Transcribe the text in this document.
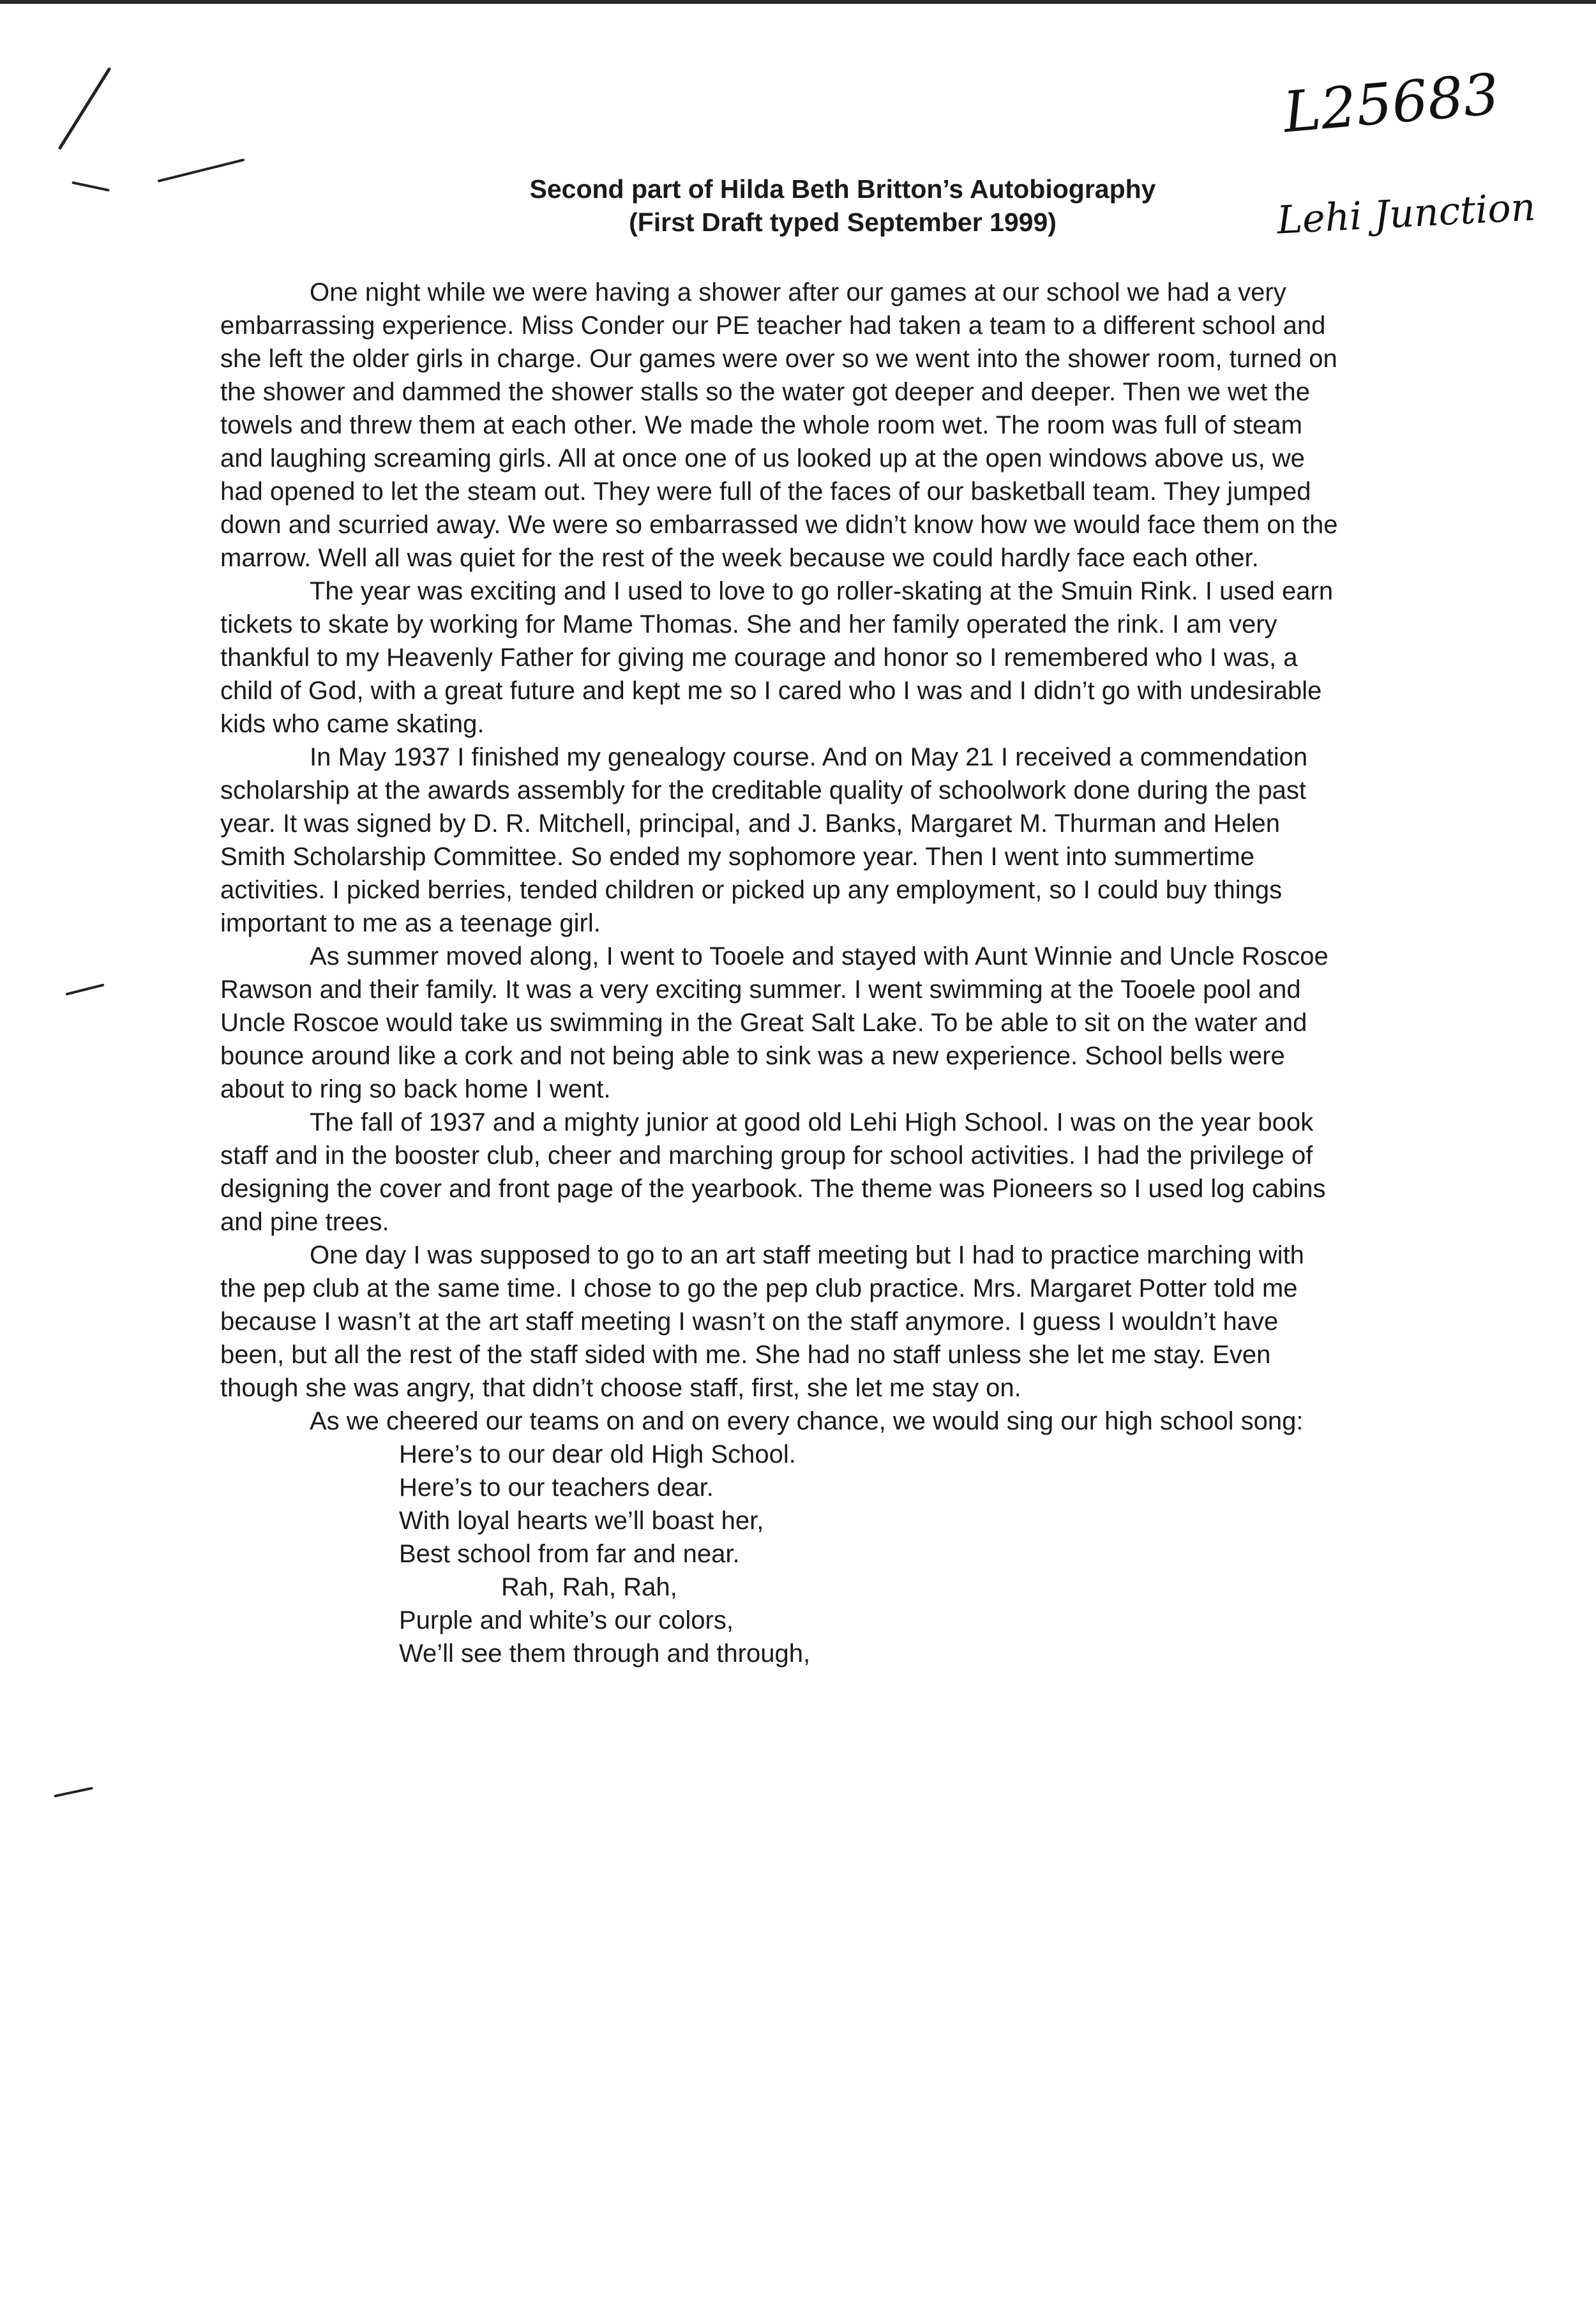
L25683
Lehi Junction
Second part of Hilda Beth Britton’s Autobiography
(First Draft typed September 1999)

One night while we were having a shower after our games at our school we had a very embarrassing experience. Miss Conder our PE teacher had taken a team to a different school and she left the older girls in charge. Our games were over so we went into the shower room, turned on the shower and dammed the shower stalls so the water got deeper and deeper. Then we wet the towels and threw them at each other. We made the whole room wet. The room was full of steam and laughing screaming girls. All at once one of us looked up at the open windows above us, we had opened to let the steam out. They were full of the faces of our basketball team. They jumped down and scurried away. We were so embarrassed we didn’t know how we would face them on the marrow. Well all was quiet for the rest of the week because we could hardly face each other.

The year was exciting and I used to love to go roller-skating at the Smuin Rink. I used earn tickets to skate by working for Mame Thomas. She and her family operated the rink. I am very thankful to my Heavenly Father for giving me courage and honor so I remembered who I was, a child of God, with a great future and kept me so I cared who I was and I didn’t go with undesirable kids who came skating.

In May 1937 I finished my genealogy course. And on May 21 I received a commendation scholarship at the awards assembly for the creditable quality of schoolwork done during the past year. It was signed by D. R. Mitchell, principal, and J. Banks, Margaret M. Thurman and Helen Smith Scholarship Committee. So ended my sophomore year. Then I went into summertime activities. I picked berries, tended children or picked up any employment, so I could buy things important to me as a teenage girl.

As summer moved along, I went to Tooele and stayed with Aunt Winnie and Uncle Roscoe Rawson and their family. It was a very exciting summer. I went swimming at the Tooele pool and Uncle Roscoe would take us swimming in the Great Salt Lake. To be able to sit on the water and bounce around like a cork and not being able to sink was a new experience. School bells were about to ring so back home I went.

The fall of 1937 and a mighty junior at good old Lehi High School. I was on the year book staff and in the booster club, cheer and marching group for school activities. I had the privilege of designing the cover and front page of the yearbook. The theme was Pioneers so I used log cabins and pine trees.

One day I was supposed to go to an art staff meeting but I had to practice marching with the pep club at the same time. I chose to go the pep club practice. Mrs. Margaret Potter told me because I wasn’t at the art staff meeting I wasn’t on the staff anymore. I guess I wouldn’t have been, but all the rest of the staff sided with me. She had no staff unless she let me stay. Even though she was angry, that didn’t choose staff, first, she let me stay on.

As we cheered our teams on and on every chance, we would sing our high school song:

Here’s to our dear old High School.
Here’s to our teachers dear.
With loyal hearts we’ll boast her,
Best school from far and near.
Rah, Rah, Rah,
Purple and white’s our colors,
We’ll see them through and through,
